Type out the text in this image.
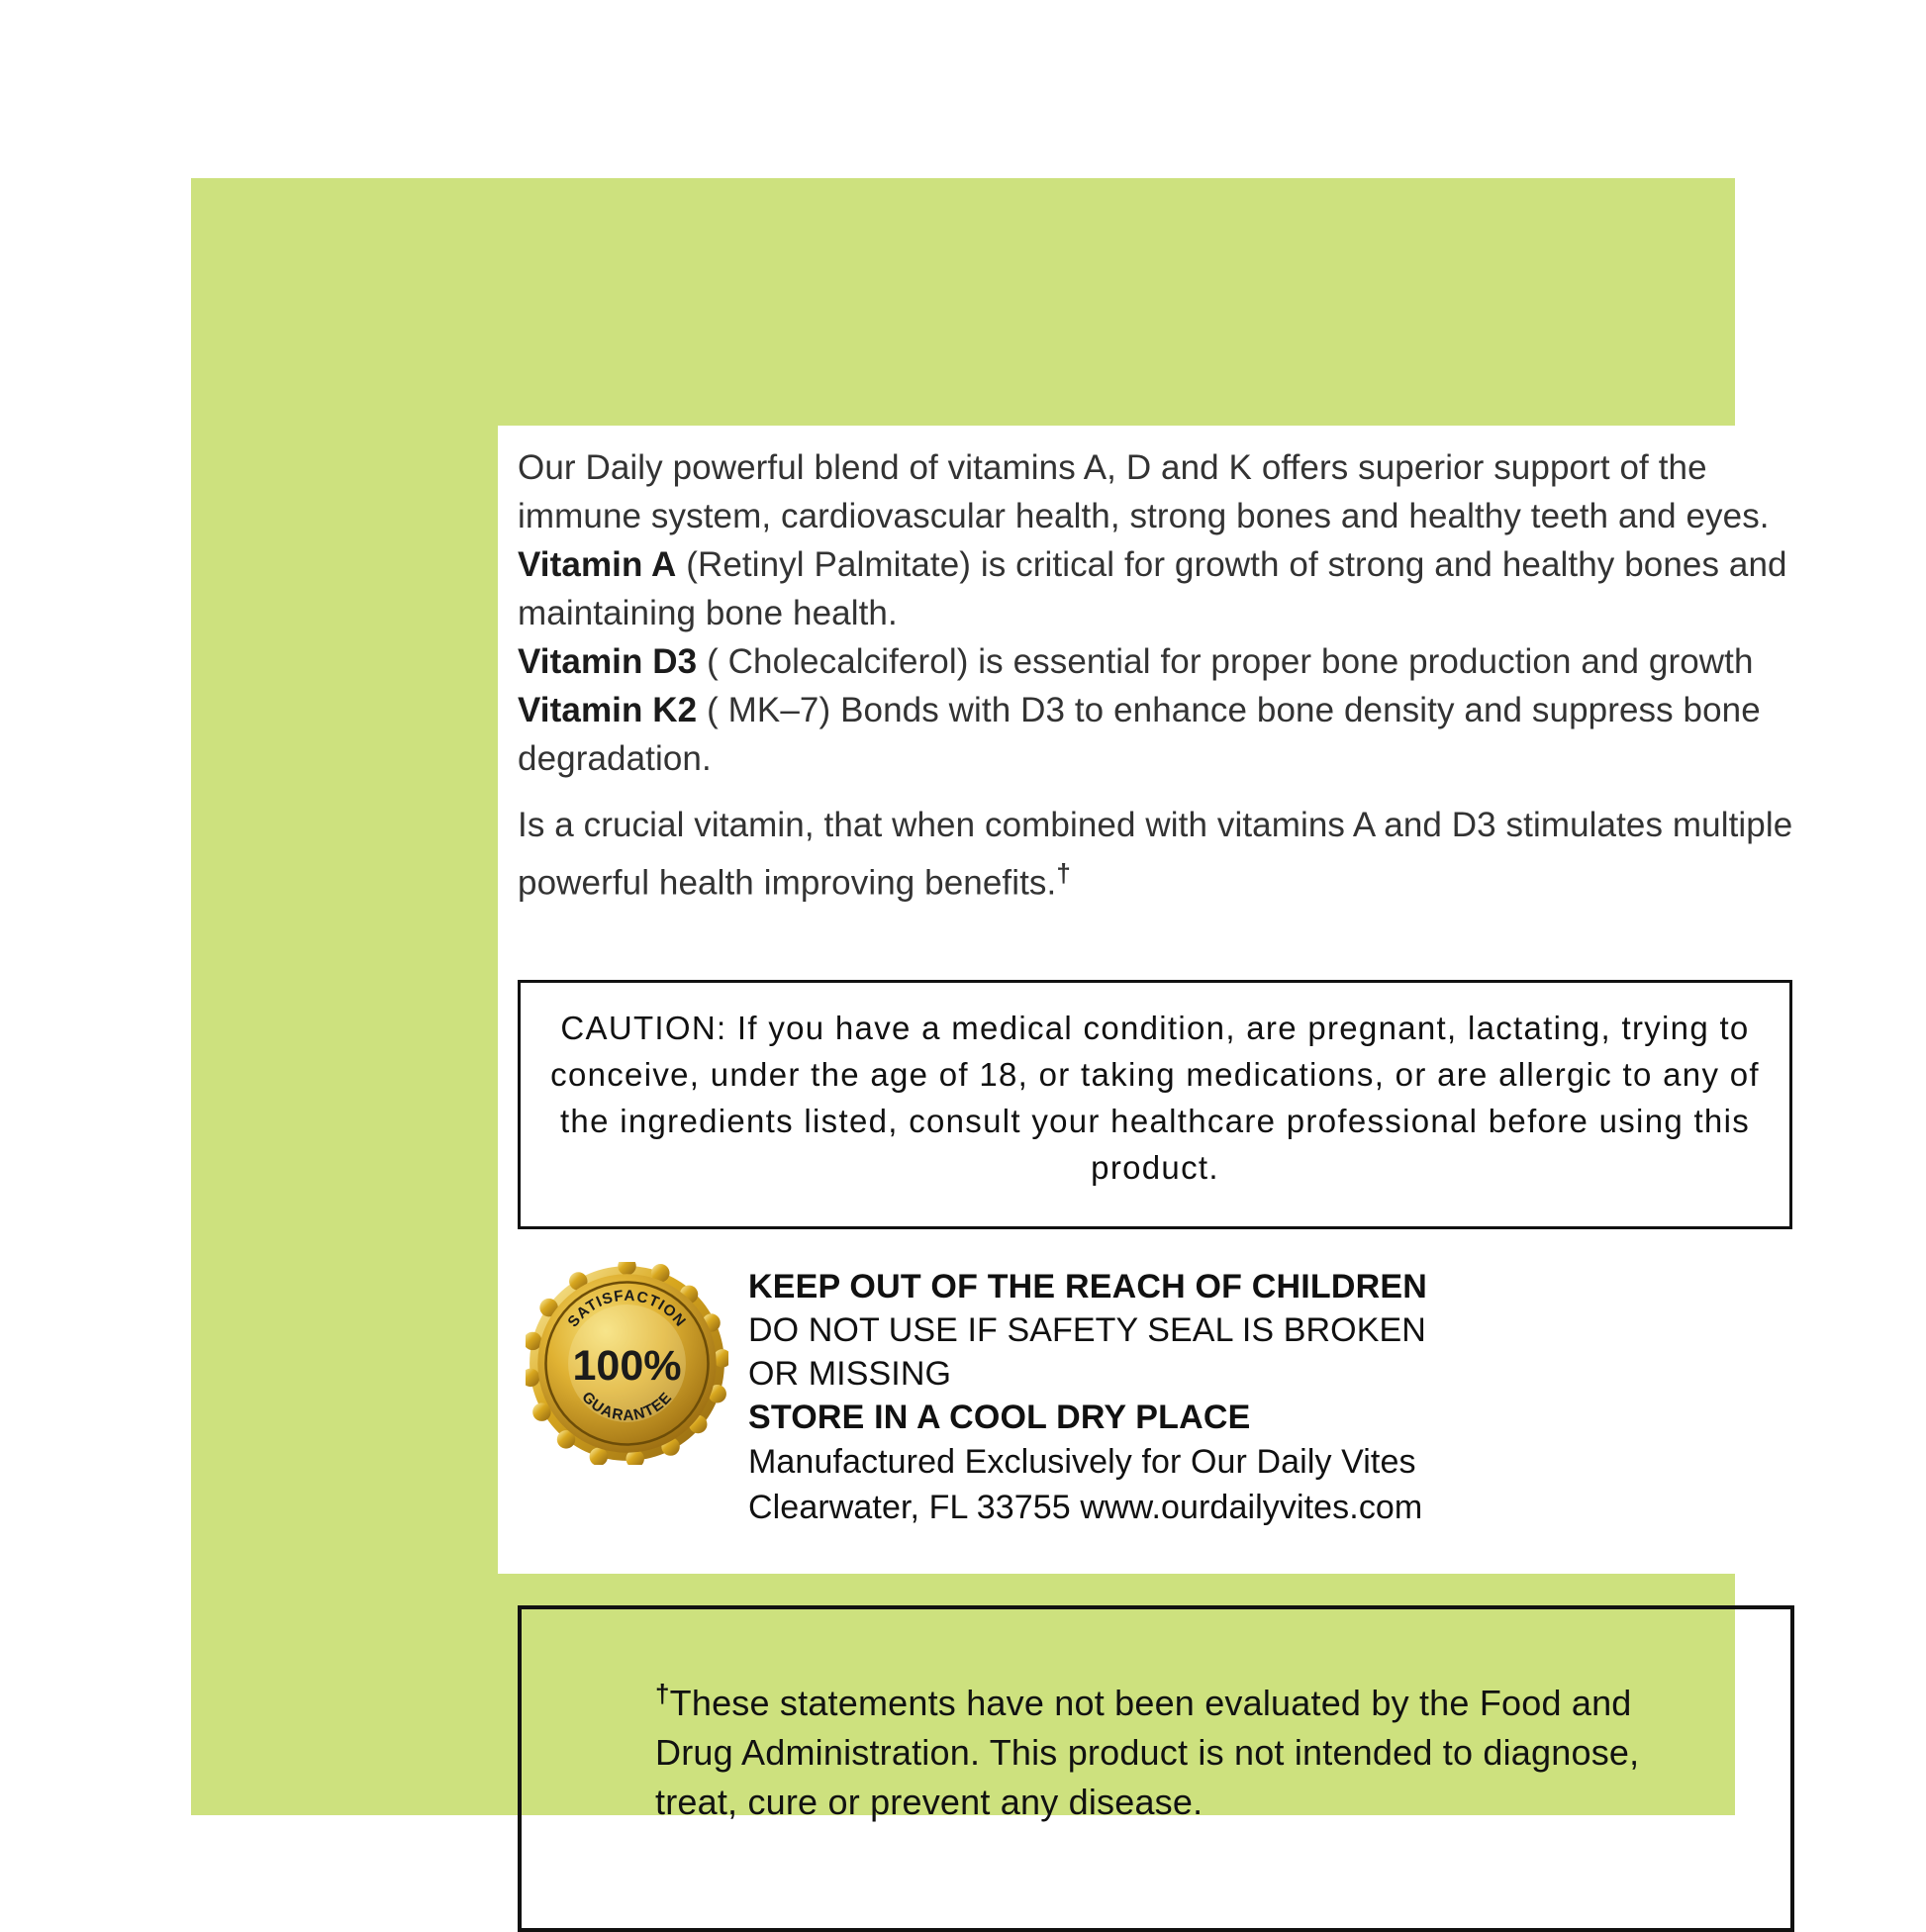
Our Daily powerful blend of vitamins A, D and K offers superior support of the immune system, cardiovascular health, strong bones and healthy teeth and eyes.

Vitamin A (Retinyl Palmitate) is critical for growth of strong and healthy bones and maintaining bone health.

Vitamin D3 ( Cholecalciferol) is essential for proper bone production and growth

Vitamin K2 ( MK–7) Bonds with D3 to enhance bone density and suppress bone degradation.

Is a crucial vitamin, that when combined with vitamins A and D3 stimulates multiple powerful health improving benefits.†

CAUTION: If you have a medical condition, are pregnant, lactating, trying to conceive, under the age of 18, or taking medications, or are allergic to any of the ingredients listed, consult your healthcare professional before using this product.
SATISFACTION
GUARANTEE
100%
KEEP OUT OF THE REACH OF CHILDREN
DO NOT USE IF SAFETY SEAL IS BROKEN
OR MISSING
STORE IN A COOL DRY PLACE
Manufactured Exclusively for Our Daily Vites
Clearwater, FL 33755 www.ourdailyvites.com
†These statements have not been evaluated by the Food and Drug Administration. This product is not intended to diagnose, treat, cure or prevent any disease.
